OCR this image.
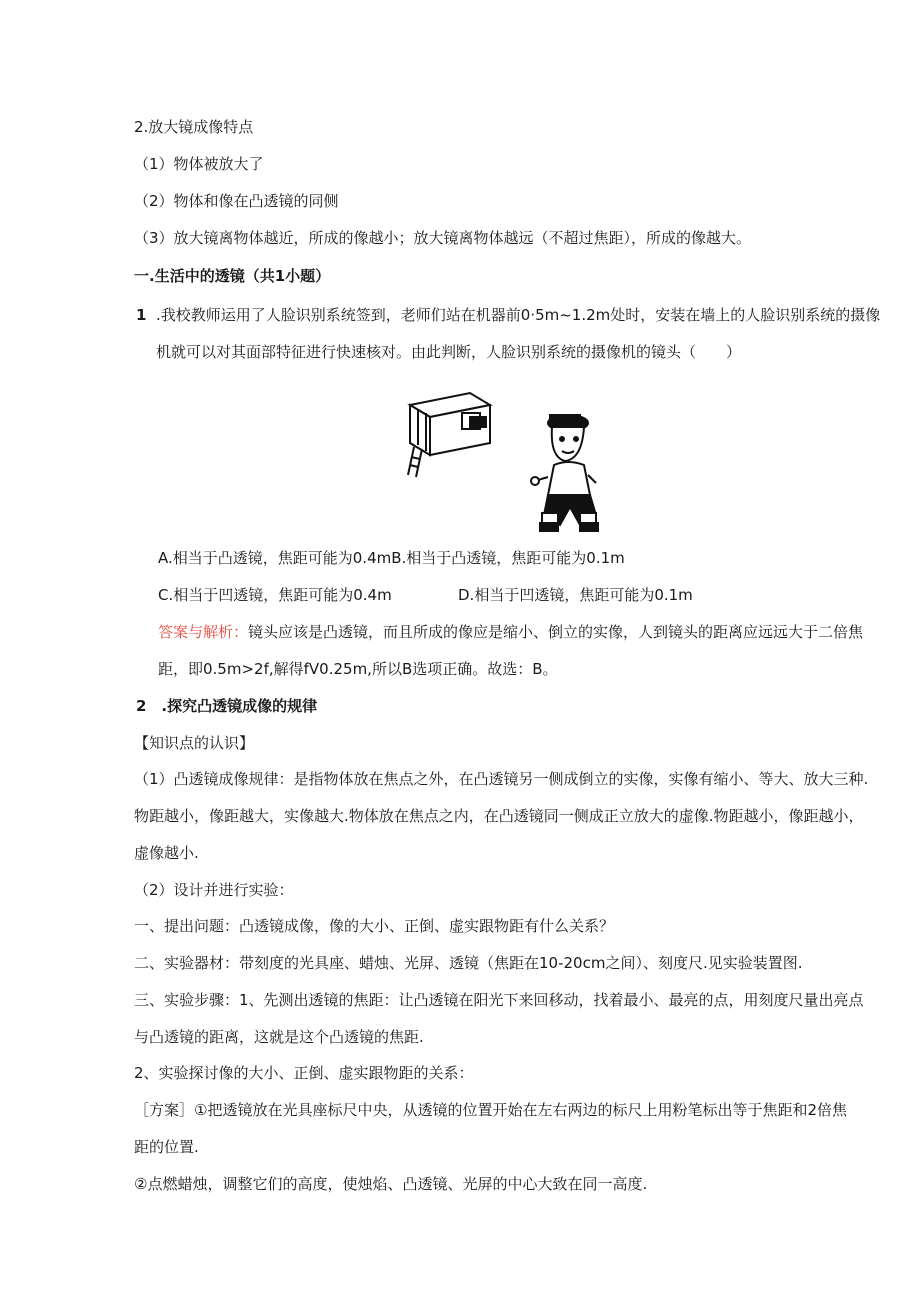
2.放大镜成像特点
（1）物体被放大了
（2）物体和像在凸透镜的同侧
（3）放大镜离物体越近，所成的像越小；放大镜离物体越远（不超过焦距），所成的像越大。
一.生活中的透镜（共1小题）
1 .我校教师运用了人脸识别系统签到，老师们站在机器前0·5m~1.2m处时，安装在墙上的人脸识别系统的摄像
机就可以对其面部特征进行快速核对。由此判断，人脸识别系统的摄像机的镜头（　　）
A.相当于凸透镜，焦距可能为0.4mB.相当于凸透镜，焦距可能为0.1m
C.相当于凹透镜，焦距可能为0.4m	D.相当于凹透镜，焦距可能为0.1m
答案与解析：镜头应该是凸透镜，而且所成的像应是缩小、倒立的实像，人到镜头的距离应远远大于二倍焦
距，即0.5m>2f,解得fV0.25m,所以B选项正确。故选：B。
2　.探究凸透镜成像的规律
【知识点的认识】
（1）凸透镜成像规律：是指物体放在焦点之外，在凸透镜另一侧成倒立的实像，实像有缩小、等大、放大三种.
物距越小，像距越大，实像越大.物体放在焦点之内，在凸透镜同一侧成正立放大的虚像.物距越小，像距越小，
虚像越小.
（2）设计并进行实验：
一、提出问题：凸透镜成像，像的大小、正倒、虚实跟物距有什么关系？
二、实验器材：带刻度的光具座、蜡烛、光屏、透镜（焦距在10-20cm之间）、刻度尺.见实验装置图.
三、实验步骤：1、先测出透镜的焦距：让凸透镜在阳光下来回移动，找着最小、最亮的点，用刻度尺量出亮点
与凸透镜的距离，这就是这个凸透镜的焦距.
2、实验探讨像的大小、正倒、虚实跟物距的关系：
［方案］①把透镜放在光具座标尺中央，从透镜的位置开始在左右两边的标尺上用粉笔标出等于焦距和2倍焦
距的位置.
②点燃蜡烛，调整它们的高度，使烛焰、凸透镜、光屏的中心大致在同一高度.
